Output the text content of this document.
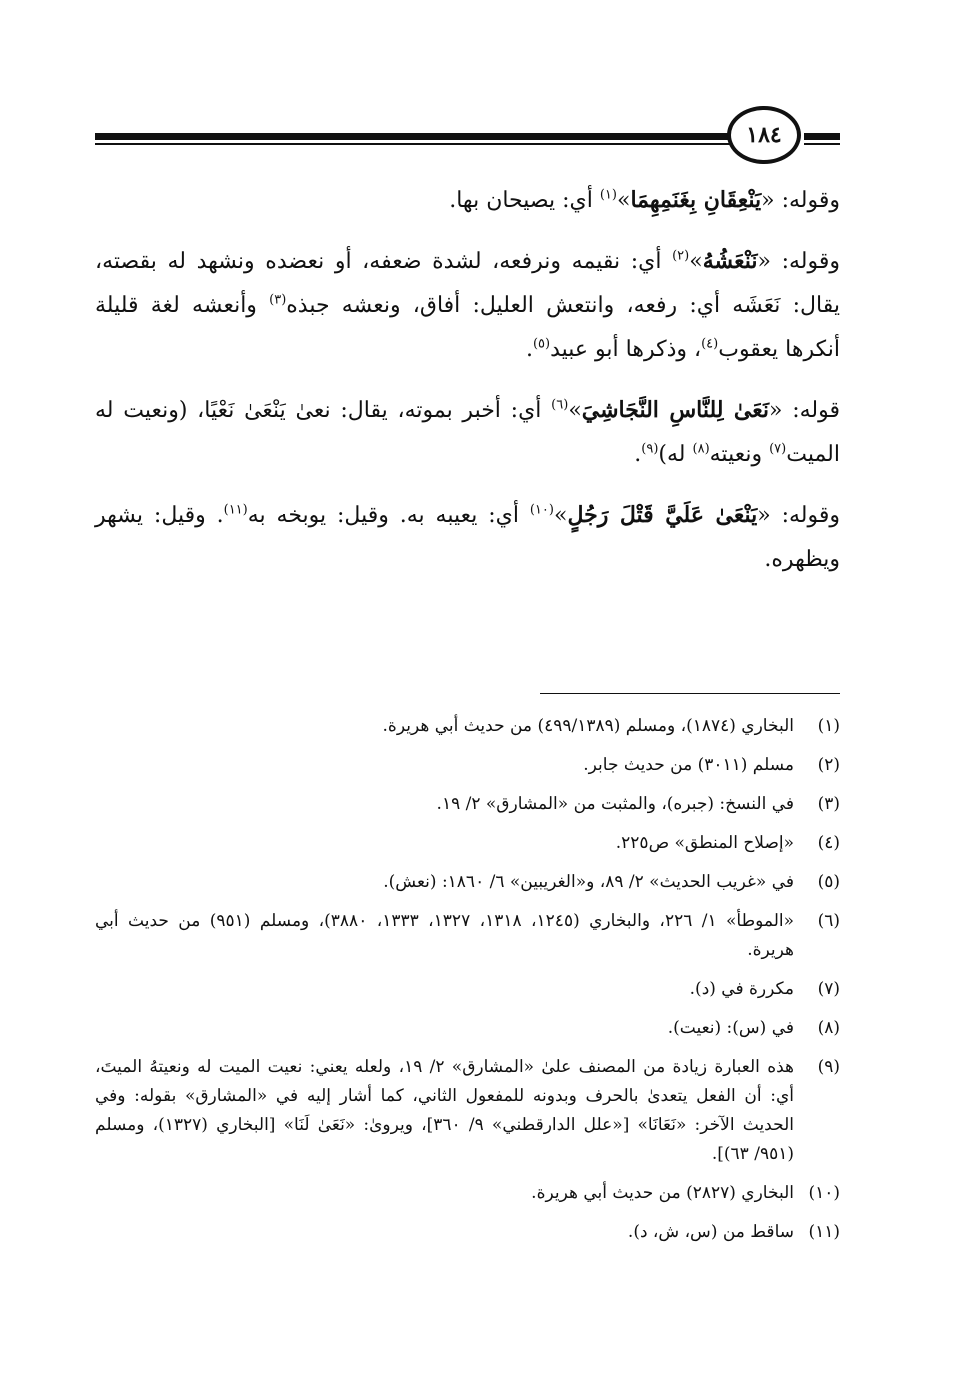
١٨٤

وقوله: «يَنْعِقَانِ بِغَنَمِهِمَا»$^{(١)}$ أي: يصيحان بها.

وقوله: «نَنْعَشُهُ»$^{(٢)}$ أي: نقيمه ونرفعه، لشدة ضعفه، أو نعضده ونشهد له بقصته، يقال: نَعَشَه أي: رفعه، وانتعش العليل: أفاق، ونعشه جبذه$^{(٣)}$ وأنعشه لغة قليلة أنكرها يعقوب$^{(٤)}$، وذكرها أبو عبيد$^{(٥)}$.

قوله: «نَعَىٰ لِلنَّاسِ النَّجَاشِيَ»$^{(٦)}$ أي: أخبر بموته، يقال: نعىٰ يَنْعَىٰ نَعْيًا، (ونعيت له الميت$^{(٧)}$ ونعيته$^{(٨)}$ له)$^{(٩)}$.

وقوله: «يَنْعَىٰ عَلَيَّ قَتْلَ رَجُلٍ»$^{(١٠)}$ أي: يعيبه به. وقيل: يوبخه به$^{(١١)}$. وقيل: يشهر ويظهره.

(١)
البخاري (١٨٧٤)، ومسلم (٤٩٩/١٣٨٩) من حديث أبي هريرة.
(٢)
مسلم (٣٠١١) من حديث جابر.
(٣)
في النسخ: (جبره)، والمثبت من «المشارق» ٢/ ١٩.
(٤)
«إصلاح المنطق» ص٢٢٥.
(٥)
في «غريب الحديث» ٢/ ٨٩، و«الغريبين» ٦/ ١٨٦٠: (نعش).
(٦)
«الموطأ» ١/ ٢٢٦، والبخاري (١٢٤٥، ١٣١٨، ١٣٢٧، ١٣٣٣، ٣٨٨٠)، ومسلم (٩٥١) من حديث أبي هريرة.
(٧)
مكررة في (د).
(٨)
في (س): (نعيت).
(٩)
هذه العبارة زيادة من المصنف علىٰ «المشارق» ٢/ ١٩، ولعله يعني: نعيت الميت له ونعيتهُ الميتَ، أي: أن الفعل يتعدىٰ بالحرف وبدونه للمفعول الثاني، كما أشار إليه في «المشارق» بقوله: وفي الحديث الآخر: «نَعَانَا» [«علل الدارقطني» ٩/ ٣٦٠]، ويروىٰ: «نَعَىٰ لَنَا» [البخاري (١٣٢٧)، ومسلم (٩٥١/ ٦٣)].
(١٠)
البخاري (٢٨٢٧) من حديث أبي هريرة.
(١١)
ساقط من (س، ش، د).
